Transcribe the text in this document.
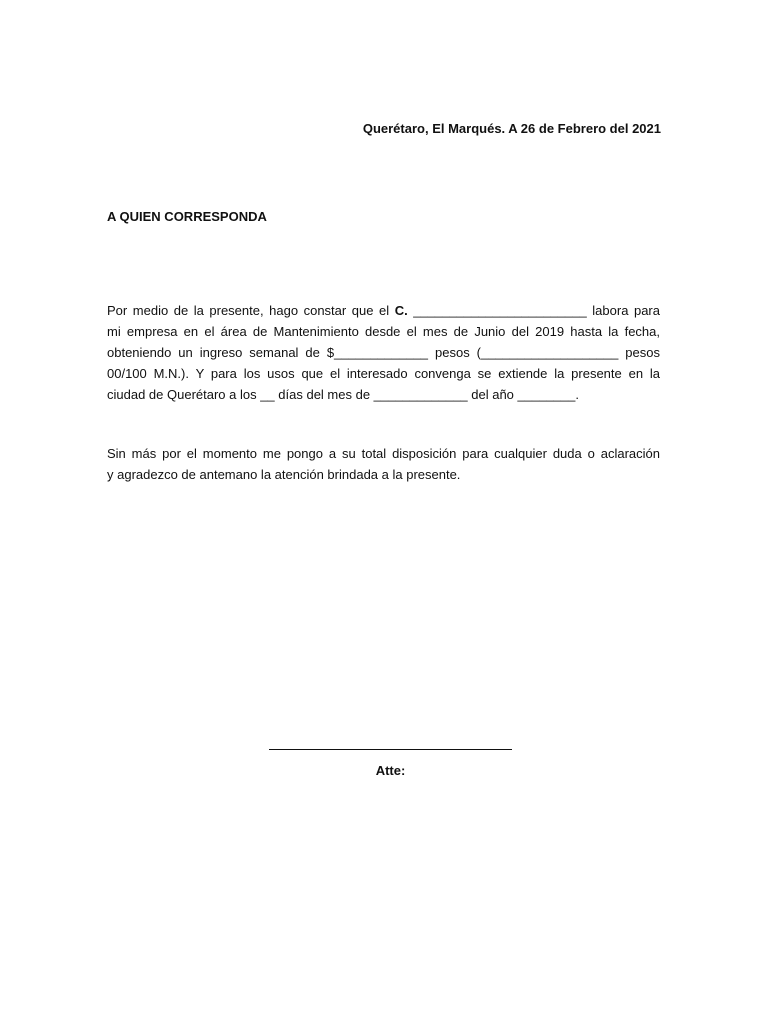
Querétaro, El Marqués. A 26 de Febrero del 2021
A QUIEN CORRESPONDA
Por medio de la presente, hago constar que el C. ________________________ labora para
mi empresa en el área de Mantenimiento desde el mes de Junio del 2019 hasta la fecha,
obteniendo un ingreso semanal de $_____________ pesos (___________________ pesos
00/100 M.N.). Y para los usos que el interesado convenga se extiende la presente en la
ciudad de Querétaro a los __ días del mes de _____________ del año ________.
Sin más por el momento me pongo a su total disposición para cualquier duda o aclaración
y agradezco de antemano la atención brindada a la presente.
Atte:
